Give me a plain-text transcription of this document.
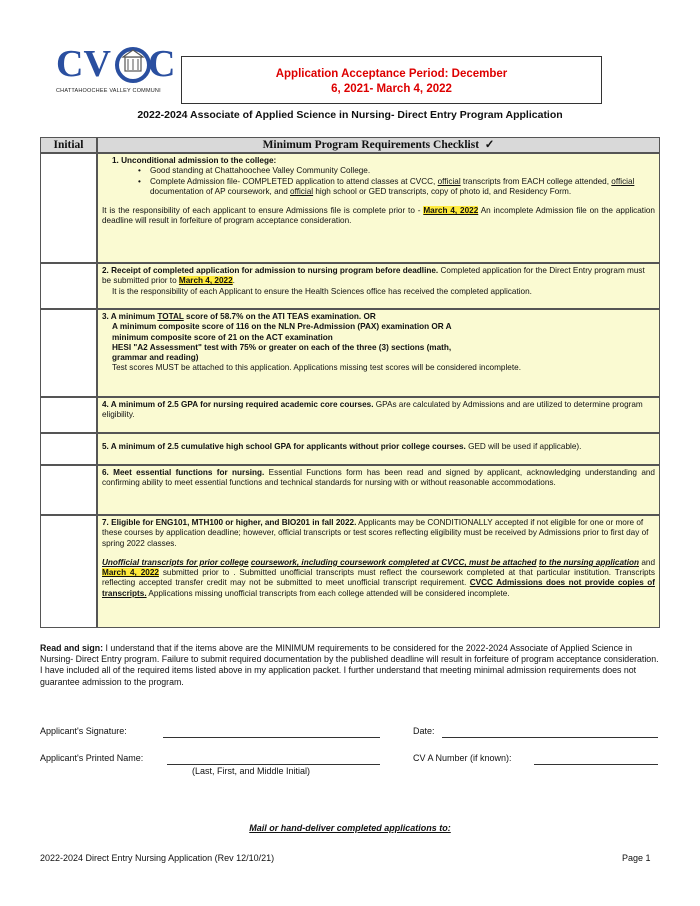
CV C
CHATTAHOOCHEE VALLEY COMMUNI
Application Acceptance Period: December
6, 2021- March 4, 2022
2022-2024 Associate of Applied Science in Nursing- Direct Entry Program Application
Initial	Minimum Program Requirements Checklist ✓
1. Unconditional admission to the college:
• Good standing at Chattahoochee Valley Community College.
• Complete Admission file- COMPLETED application to attend classes at CVCC, official transcripts from EACH college attended, official documentation of AP coursework, and official high school or GED transcripts, copy of photo id, and Residency Form.
It is the responsibility of each applicant to ensure Admissions file is complete prior to - March 4, 2022 An incomplete Admission file on the application deadline will result in forfeiture of program acceptance consideration.
2. Receipt of completed application for admission to nursing program before deadline. Completed application for the Direct Entry program must be submitted prior to March 4, 2022.
It is the responsibility of each Applicant to ensure the Health Sciences office has received the completed application.
3. A minimum TOTAL score of 58.7% on the ATI TEAS examination. OR
A minimum composite score of 116 on the NLN Pre-Admission (PAX) examination OR A
minimum composite score of 21 on the ACT examination
HESI "A2 Assessment" test with 75% or greater on each of the three (3) sections (math,
grammar and reading)
Test scores MUST be attached to this application. Applications missing test scores will be considered incomplete.
4. A minimum of 2.5 GPA for nursing required academic core courses. GPAs are calculated by Admissions and are utilized to determine program eligibility.
5. A minimum of 2.5 cumulative high school GPA for applicants without prior college courses. GED will be used if applicable).
6. Meet essential functions for nursing. Essential Functions form has been read and signed by applicant, acknowledging understanding and confirming ability to meet essential functions and technical standards for nursing with or without reasonable accommodations.
7. Eligible for ENG101, MTH100 or higher, and BIO201 in fall 2022. Applicants may be CONDITIONALLY accepted if not eligible for one or more of these courses by application deadline; however, official transcripts or test scores reflecting eligibility must be received by Admissions prior to first day of spring 2022 classes.
Unofficial transcripts for prior college coursework, including coursework completed at CVCC, must be attached to the nursing application and March 4, 2022 submitted prior to . Submitted unofficial transcripts must reflect the coursework completed at that particular institution. Transcripts reflecting accepted transfer credit may not be submitted to meet unofficial transcript requirement. CVCC Admissions does not provide copies of transcripts. Applications missing unofficial transcripts from each college attended will be considered incomplete.
Read and sign: I understand that if the items above are the MINIMUM requirements to be considered for the 2022-2024 Associate of Applied Science in Nursing- Direct Entry program. Failure to submit required documentation by the published deadline will result in forfeiture of program acceptance consideration.
I have included all of the required items listed above in my application packet. I further understand that meeting minimal admission requirements does not guarantee admission to the program.
Applicant's Signature:	Date:
Applicant's Printed Name:	CV A Number (if known):
(Last, First, and Middle Initial)
Mail or hand-deliver completed applications to:
2022-2024 Direct Entry Nursing Application (Rev 12/10/21)	Page 1
